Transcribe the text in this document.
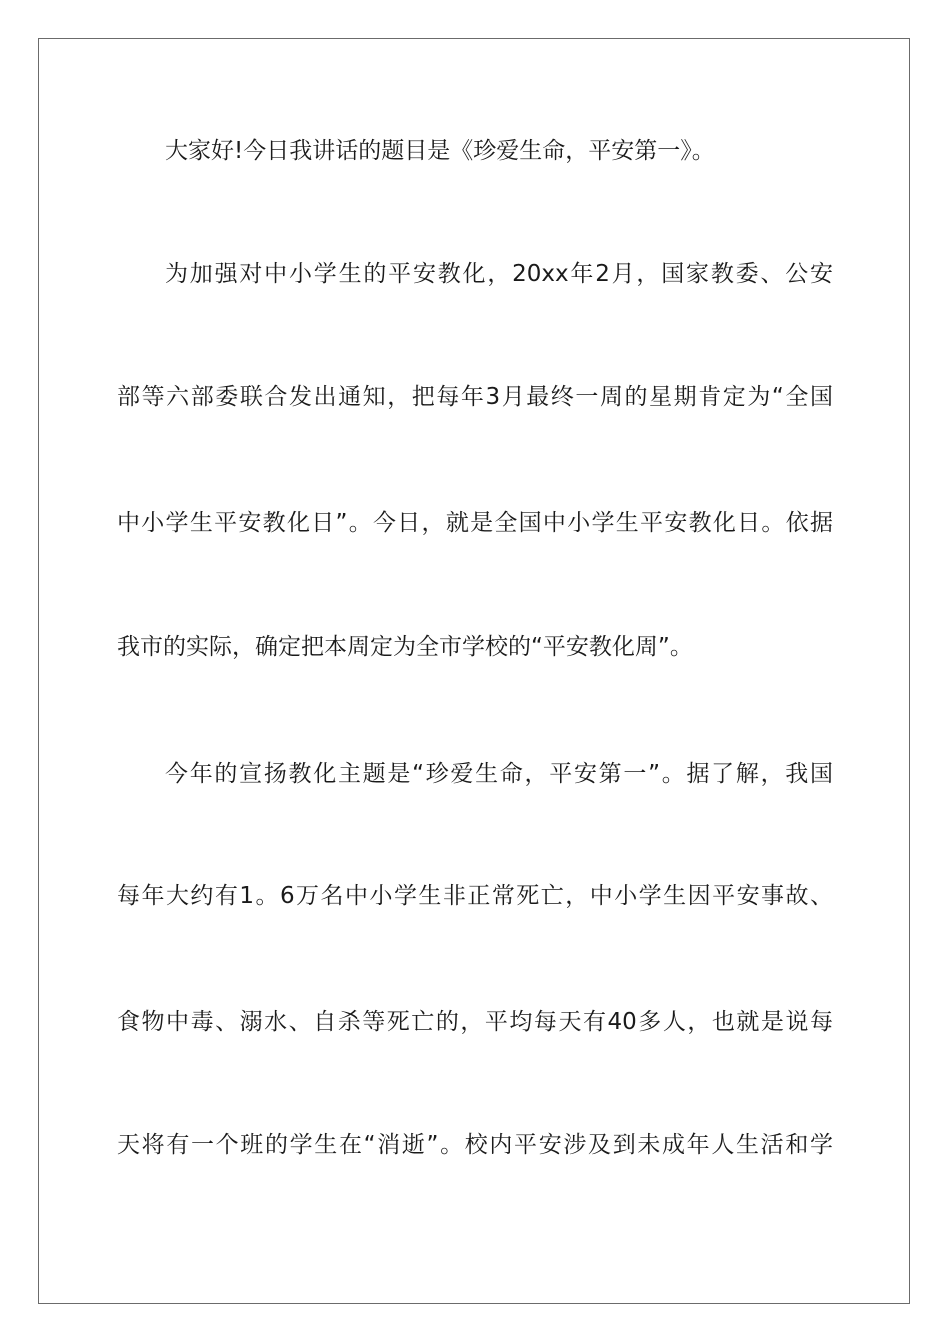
大家好!今日我讲话的题目是《珍爱生命，平安第一》。
为加强对中小学生的平安教化，20xx年2月，国家教委、公安
部等六部委联合发出通知，把每年3月最终一周的星期肯定为“全国
中小学生平安教化日”。今日，就是全国中小学生平安教化日。依据
我市的实际，确定把本周定为全市学校的“平安教化周”。
今年的宣扬教化主题是“珍爱生命，平安第一”。据了解，我国
每年大约有1。6万名中小学生非正常死亡，中小学生因平安事故、
食物中毒、溺水、自杀等死亡的，平均每天有40多人，也就是说每
天将有一个班的学生在“消逝”。校内平安涉及到未成年人生活和学
